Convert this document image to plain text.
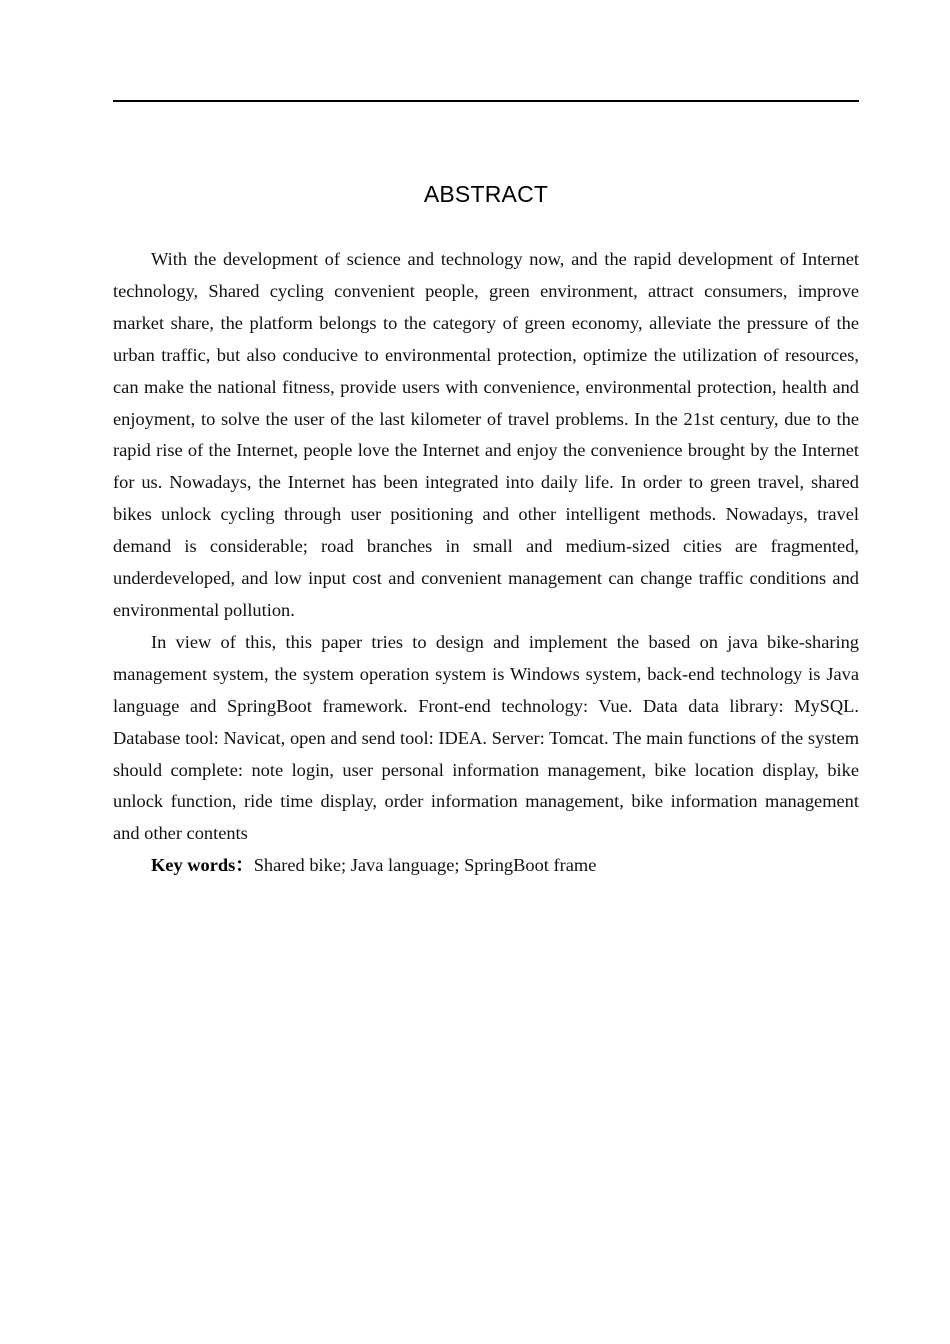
ABSTRACT

With the development of science and technology now, and the rapid development of Internet technology, Shared cycling convenient people, green environment, attract consumers, improve market share, the platform belongs to the category of green economy, alleviate the pressure of the urban traffic, but also conducive to environmental protection, optimize the utilization of resources, can make the national fitness, provide users with convenience, environmental protection, health and enjoyment, to solve the user of the last kilometer of travel problems. In the 21st century, due to the rapid rise of the Internet, people love the Internet and enjoy the convenience brought by the Internet for us. Nowadays, the Internet has been integrated into daily life. In order to green travel, shared bikes unlock cycling through user positioning and other intelligent methods. Nowadays, travel demand is considerable; road branches in small and medium-sized cities are fragmented, underdeveloped, and low input cost and convenient management can change traffic conditions and environmental pollution.

In view of this, this paper tries to design and implement the based on java bike-sharing management system, the system operation system is Windows system, back-end technology is Java language and SpringBoot framework. Front-end technology: Vue. Data data library: MySQL. Database tool: Navicat, open and send tool: IDEA. Server: Tomcat. The main functions of the system should complete: note login, user personal information management, bike location display, bike unlock function, ride time display, order information management, bike information management and other contents

Key words：Shared bike; Java language; SpringBoot frame
